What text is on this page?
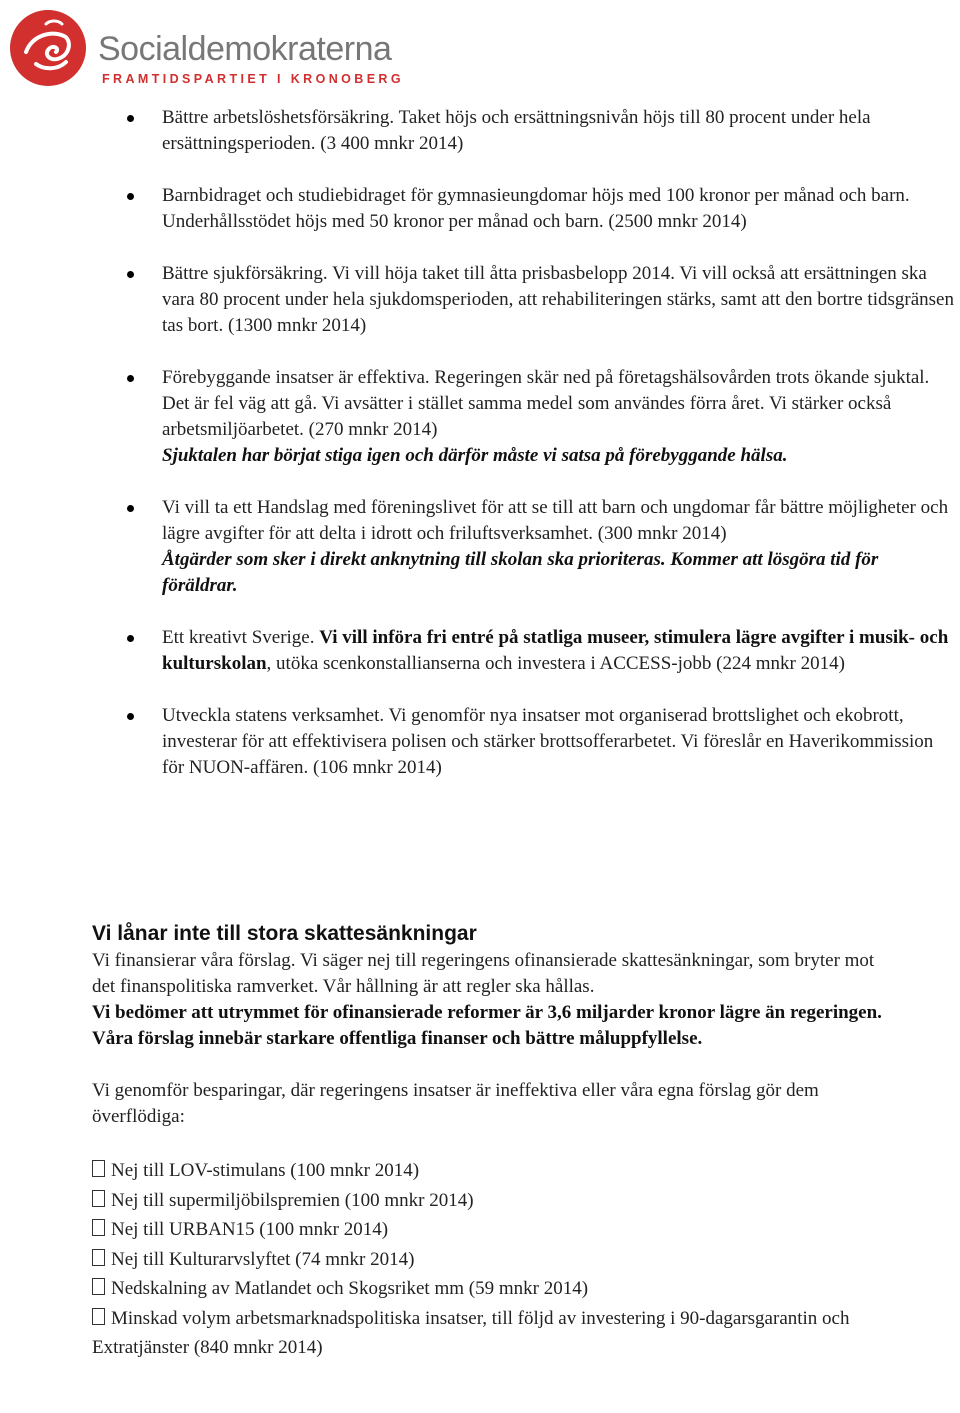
Socialdemokraterna
FRAMTIDSPARTIET I KRONOBERG
Bättre arbetslöshetsförsäkring. Taket höjs och ersättningsnivån höjs till 80 procent under hela ersättningsperioden. (3 400 mnkr 2014)
Barnbidraget och studiebidraget för gymnasieungdomar höjs med 100 kronor per månad och barn. Underhållsstödet höjs med 50 kronor per månad och barn. (2500 mnkr 2014)
Bättre sjukförsäkring. Vi vill höja taket till åtta prisbasbelopp 2014. Vi vill också att ersättningen ska vara 80 procent under hela sjukdomsperioden, att rehabiliteringen stärks, samt att den bortre tidsgränsen tas bort. (1300 mnkr 2014)
Förebyggande insatser är effektiva. Regeringen skär ned på företagshälsovården trots ökande sjuktal. Det är fel väg att gå. Vi avsätter i stället samma medel som användes förra året. Vi stärker också arbetsmiljöarbetet. (270 mnkr 2014)
Sjuktalen har börjat stiga igen och därför måste vi satsa på förebyggande hälsa.
Vi vill ta ett Handslag med föreningslivet för att se till att barn och ungdomar får bättre möjligheter och lägre avgifter för att delta i idrott och friluftsverksamhet. (300 mnkr 2014)
Åtgärder som sker i direkt anknytning till skolan ska prioriteras. Kommer att lösgöra tid för föräldrar.
Ett kreativt Sverige. Vi vill införa fri entré på statliga museer, stimulera lägre avgifter i musik- och kulturskolan, utöka scenkonstallianserna och investera i ACCESS-jobb (224 mnkr 2014)
Utveckla statens verksamhet. Vi genomför nya insatser mot organiserad brottslighet och ekobrott, investerar för att effektivisera polisen och stärker brottsofferarbetet. Vi föreslår en Haverikommission för NUON-affären. (106 mnkr 2014)
Vi lånar inte till stora skattesänkningar

Vi finansierar våra förslag. Vi säger nej till regeringens ofinansierade skattesänkningar, som bryter mot det finanspolitiska ramverket. Vår hållning är att regler ska hållas.

Vi bedömer att utrymmet för ofinansierade reformer är 3,6 miljarder kronor lägre än regeringen. Våra förslag innebär starkare offentliga finanser och bättre måluppfyllelse.

Vi genomför besparingar, där regeringens insatser är ineffektiva eller våra egna förslag gör dem överflödiga:

Nej till LOV-stimulans (100 mnkr 2014)
Nej till supermiljöbilspremien (100 mnkr 2014)
Nej till URBAN15 (100 mnkr 2014)
Nej till Kulturarvslyftet (74 mnkr 2014)
Nedskalning av Matlandet och Skogsriket mm (59 mnkr 2014)
Minskad volym arbetsmarknadspolitiska insatser, till följd av investering i 90-dagarsgarantin och Extratjänster (840 mnkr 2014)
